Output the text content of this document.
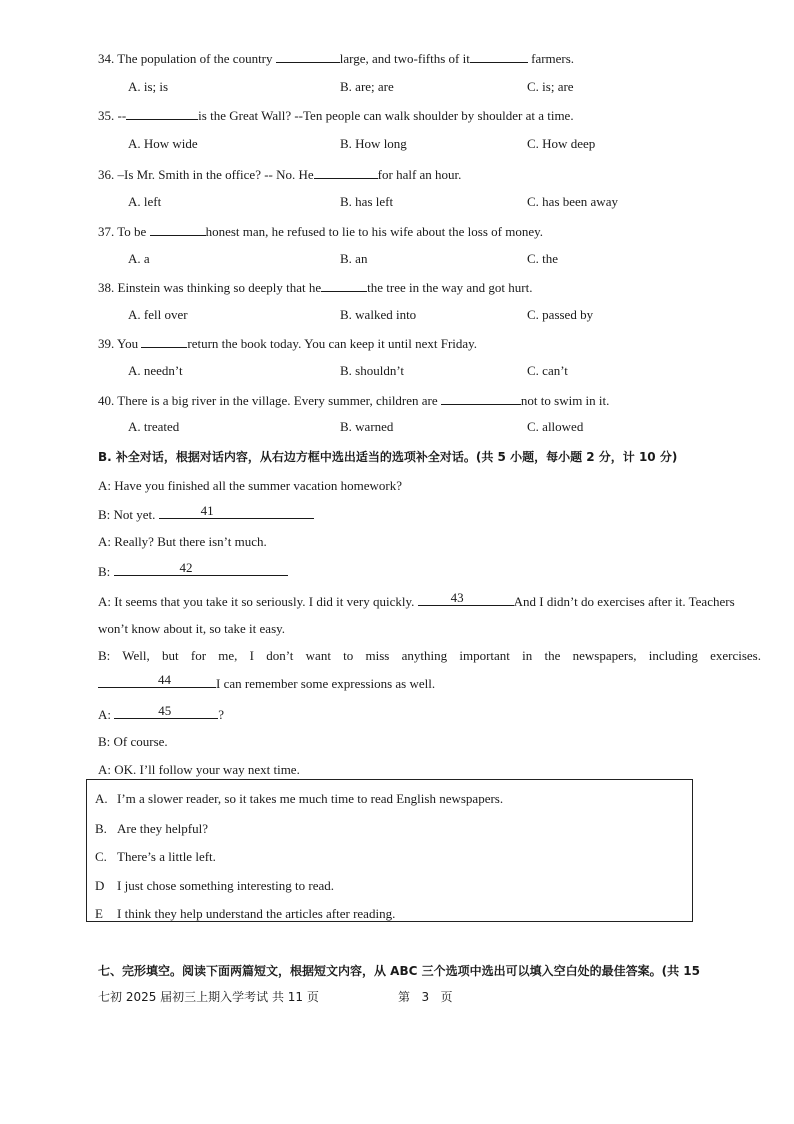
34. The population of the country	large, and two-fifths of it	farmers.
A. is; is	B. are; are	C. is; are
35. --	is the Great Wall? --Ten people can walk shoulder by shoulder at a time.
A. How wide	B. How long	C. How deep
36. –Is Mr. Smith in the office? -- No. He	for half an hour.
A. left	B. has left	C. has been away
37. To be	honest man, he refused to lie to his wife about the loss of money.
A. a	B. an	C. the
38. Einstein was thinking so deeply that he	the tree in the way and got hurt.
A. fell over	B. walked into	C. passed by
39. You	return the book today. You can keep it until next Friday.
A. needn’t	B. shouldn’t	C. can’t
40. There is a big river in the village. Every summer, children are	not to swim in it.
A. treated	B. warned	C. allowed
B. 补全对话，根据对话内容，从右边方框中选出适当的选项补全对话。(共 5 小题，每小题 2 分，计 10 分)
A: Have you finished all the summer vacation homework?
B: Not yet.	41
A: Really? But there isn’t much.
B:	42
A: It seems that you take it so seriously. I did it very quickly.	43	And I didn’t do exercises after it. Teachers
won’t know about it, so take it easy.
B: Well, but for me, I don’t want to miss anything important in the newspapers, including exercises.
44	I can remember some expressions as well.
A:	45	?
B: Of course.
A: OK. I’ll follow your way next time.
A. I’m a slower reader, so it takes me much time to read English newspapers.
B. Are they helpful?
C. There’s a little left.
D I just chose something interesting to read.
E I think they help understand the articles after reading.
七、完形填空。阅读下面两篇短文，根据短文内容，从 ABC 三个选项中选出可以填入空白处的最佳答案。(共 15
七初 2025 届初三上期入学考试 共 11 页	第   3   页
